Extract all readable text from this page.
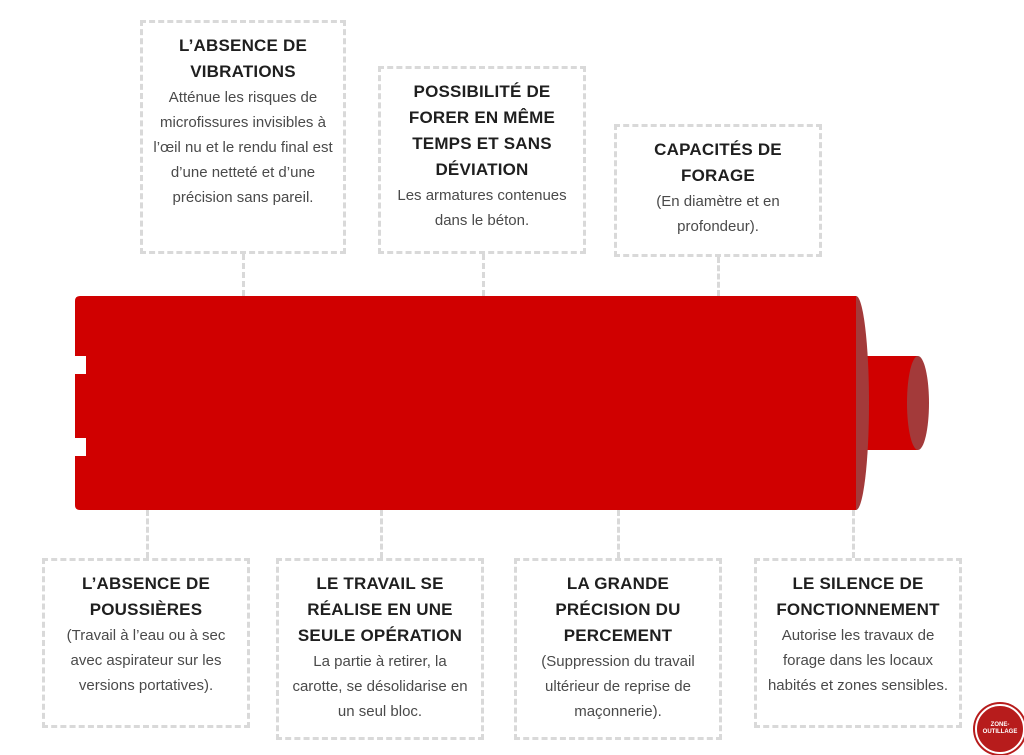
L’ABSENCE DE VIBRATIONS
Atténue les risques de microfissures invisibles à l’œil nu et le rendu final est d’une netteté et d’une précision sans pareil.
POSSIBILITÉ DE FORER EN MÊME TEMPS ET SANS DÉVIATION
Les armatures contenues dans le béton.
CAPACITÉS DE FORAGE
(En diamètre et en profondeur).
L’ABSENCE DE POUSSIÈRES
(Travail à l’eau ou à sec avec aspirateur sur les versions portatives).
LE TRAVAIL SE RÉALISE EN UNE SEULE OPÉRATION
La partie à retirer, la carotte, se désolidarise en un seul bloc.
LA GRANDE PRÉCISION DU PERCEMENT
(Suppression du travail ultérieur de reprise de maçonnerie).
LE SILENCE DE FONCTIONNEMENT
Autorise les travaux de forage dans les locaux habités et zones sensibles.
ZONE-OUTILLAGE
